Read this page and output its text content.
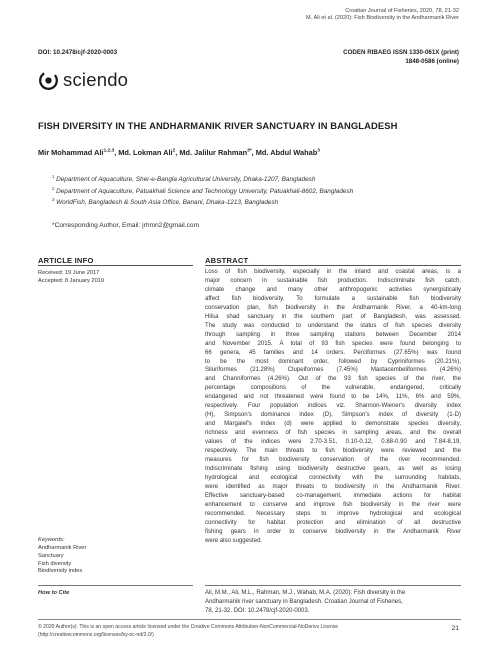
Croatian Journal of Fisheries, 2020, 78, 21-32
M. Ali et al. (2020): Fish Biodiversity in the Andharmanik River
DOI: 10.2478/cjf-2020-0003	CODEN RIBAEG ISSN 1330-061X (print)
1848-0586 (online)
sciendo
FISH DIVERSITY IN THE ANDHARMANIK RIVER SANCTUARY IN BANGLADESH
Mir Mohammad Ali$^{1,2,3}$, Md. Lokman Ali$^2$, Md. Jalilur Rahman$^{3*}$, Md. Abdul Wahab$^3$
$^1$ Department of Aquaculture, Sher-e-Bangla Agricultural University, Dhaka-1207, Bangladesh
$^2$ Department of Aquaculture, Patuakhali Science and Technology University, Patuakhali-8602, Bangladesh
$^3$ WorldFish, Bangladesh & South Asia Office, Banani, Dhaka-1213, Bangladesh
*Corresponding Author, Email: jrhmn2@gmail.com
ARTICLE INFO
Received: 19 June 2017
Accepted: 8 January 2019
ABSTRACT
Loss of fish biodiversity, especially in the inland and coastal areas, is a
major concern in sustainable fish production. Indiscriminate fish catch,
climate change and many other anthropogenic activities synergistically
affect fish biodiversity. To formulate a sustainable fish biodiversity
conservation plan, fish biodiversity in the Andharmanik River, a 40-km-long
Hilsa shad sanctuary in the southern part of Bangladesh, was assessed.
The study was conducted to understand the status of fish species diversity
through sampling in three sampling stations between December 2014
and November 2015. A total of 93 fish species were found belonging to
66 genera, 45 families and 14 orders. Perciformes (27.65%) was found
to be the most dominant order, followed by Cypriniformes (20.21%),
Siluriformes (21.28%) Clupeiformes (7.45%) Mastacembeliformes (4.26%)
and Channiformes (4.26%). Out of the 93 fish species of the river, the
percentage compositions of the vulnerable, endangered, critically
endangered and not threatened were found to be 14%, 11%, 6% and 59%,
respectively. Four population indices viz. Shannon-Wiener's diversity index
(H), Simpson's dominance index (D), Simpson's index of diversity (1-D)
and Margalef's index (d) were applied to demonstrate species diversity,
richness and evenness of fish species in sampling areas, and the overall
values of the indices were 2.70-3.51, 0.10-0.12, 0.88-0.90 and 7.84-8.19,
respectively. The main threats to fish biodiversity were reviewed and the
measures for fish biodiversity conservation of the river recommended.
Indiscriminate fishing using biodiversity destructive gears, as well as losing
hydrological and ecological connectivity with the surrounding habitats,
were identified as major threats to biodiversity in the Andharmanik River.
Effective sanctuary-based co-management, immediate actions for habitat
enhancement to conserve and improve fish biodiversity in the river were
recommended. Necessary steps to improve hydrological and ecological
connectivity for habitat protection and elimination of all destructive
fishing gears in order to conserve biodiversity in the Andharmanik River
were also suggested.
Keywords:
Andharmanik River
Sanctuary
Fish diversity
Biodiversity index
How to Cite	Ali, M.M., Ali, M.L., Rahman, M.J., Wahab, M.A. (2020): Fish diversity in the
Andharmanik river sanctuary in Bangladesh. Croatian Journal of Fisheries,
78, 21-32. DOI: 10.2478/cjf-2020-0003.
© 2020 Author(s). This is an open access article licensed under the Creative Commons Attribution-NonCommercial-NoDerivs License
(http://creativecommons.org/licenses/by-nc-nd/3.0/)
21
